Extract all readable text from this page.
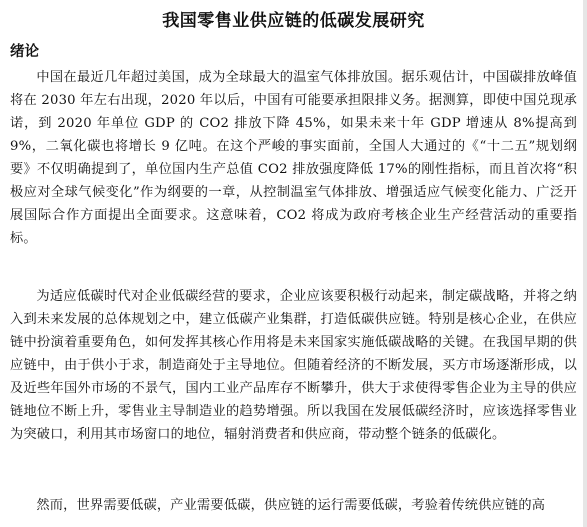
我国零售业供应链的低碳发展研究
绪论

中国在最近几年超过美国，成为全球最大的温室气体排放国。据乐观估计，中国碳排放峰值将在 2030 年左右出现，2020 年以后，中国有可能要承担限排义务。据测算，即使中国兑现承诺，到 2020 年单位 GDP 的 CO2 排放下降 45%，如果未来十年 GDP 增速从 8%提高到 9%，二氧化碳也将增长 9 亿吨。在这个严峻的事实面前，全国人大通过的《“十二五”规划纲要》不仅明确提到了，单位国内生产总值 CO2 排放强度降低 17%的刚性指标，而且首次将“积极应对全球气候变化”作为纲要的一章，从控制温室气体排放、增强适应气候变化能力、广泛开展国际合作方面提出全面要求。这意味着，CO2 将成为政府考核企业生产经营活动的重要指标。

为适应低碳时代对企业低碳经营的要求，企业应该要积极行动起来，制定碳战略，并将之纳入到未来发展的总体规划之中，建立低碳产业集群，打造低碳供应链。特别是核心企业，在供应链中扮演着重要角色，如何发挥其核心作用将是未来国家实施低碳战略的关键。在我国早期的供应链中，由于供小于求，制造商处于主导地位。但随着经济的不断发展，买方市场逐渐形成，以及近些年国外市场的不景气，国内工业产品库存不断攀升，供大于求使得零售企业为主导的供应链地位不断上升，零售业主导制造业的趋势增强。所以我国在发展低碳经济时，应该选择零售业为突破口，利用其市场窗口的地位，辐射消费者和供应商，带动整个链条的低碳化。

然而，世界需要低碳，产业需要低碳，供应链的运行需要低碳，考验着传统供应链的高
